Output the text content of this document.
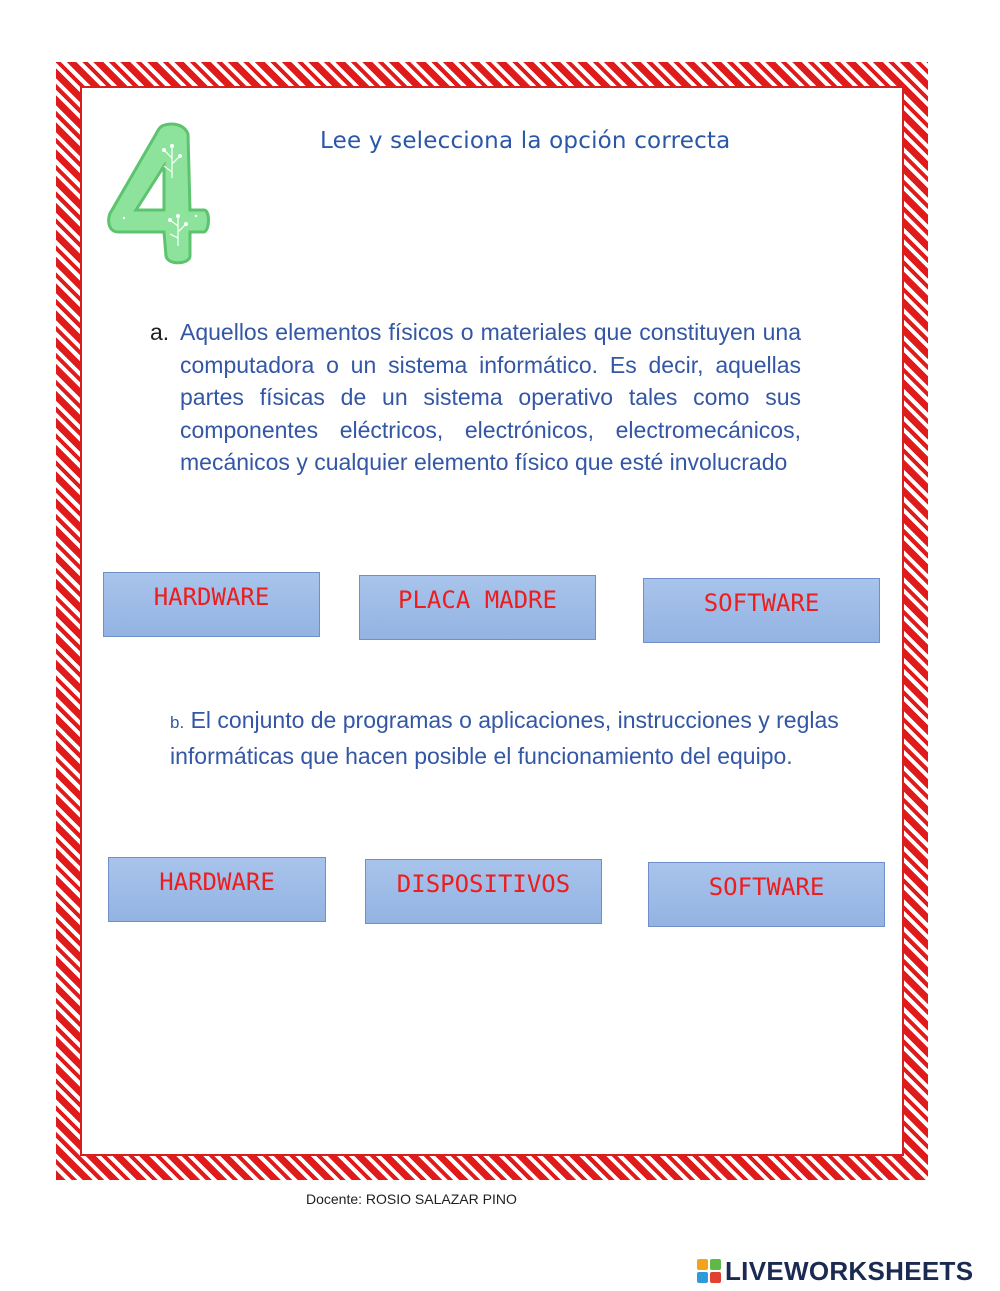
Lee y selecciona la opción correcta
a. Aquellos elementos físicos o materiales que constituyen una computadora o un sistema informático. Es decir, aquellas partes físicas de un sistema operativo tales como sus componentes eléctricos, electrónicos, electromecánicos, mecánicos y cualquier elemento físico que esté involucrado
HARDWARE	PLACA MADRE	SOFTWARE
b. El conjunto de programas o aplicaciones, instrucciones y reglas informáticas que hacen posible el funcionamiento del equipo.
HARDWARE	DISPOSITIVOS	SOFTWARE
Docente: ROSIO SALAZAR PINO
LIVEWORKSHEETS
